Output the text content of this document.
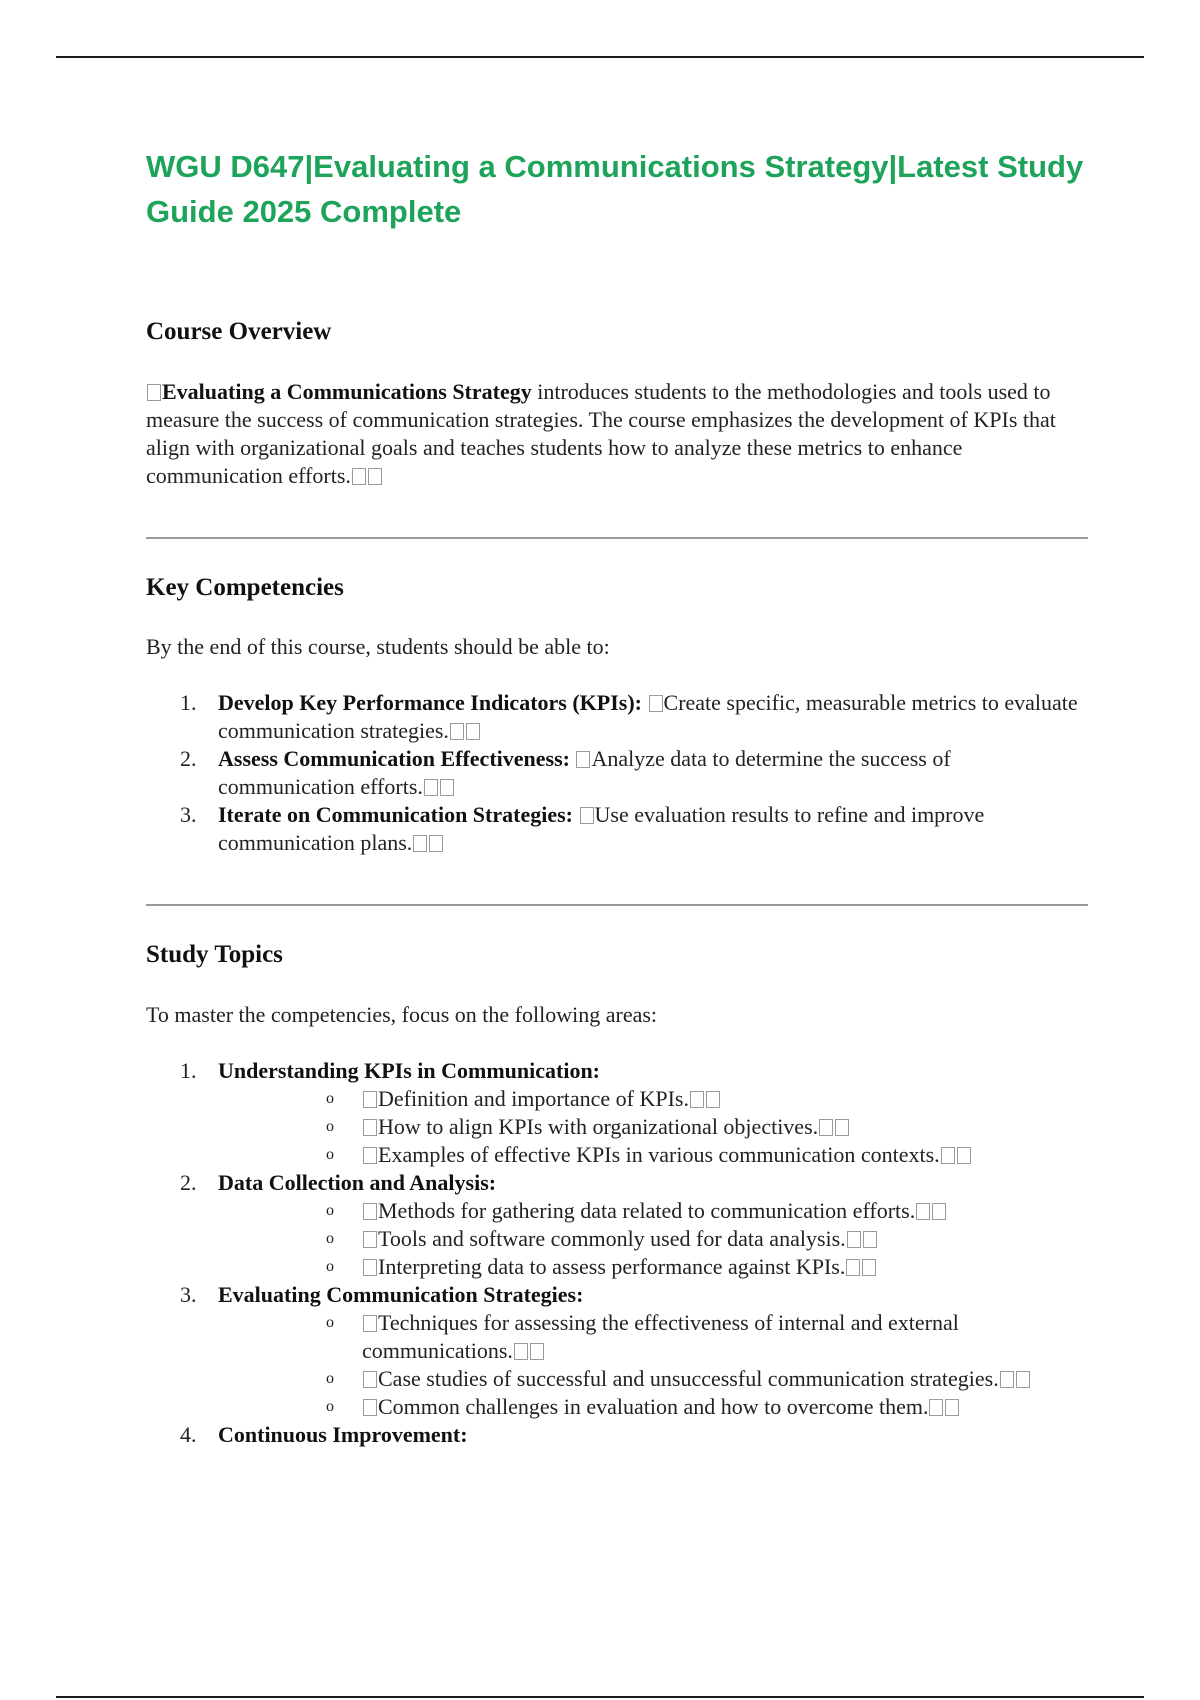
WGU D647|Evaluating a Communications Strategy|Latest Study Guide 2025 Complete
Course Overview

Evaluating a Communications Strategy introduces students to the methodologies and tools used to measure the success of communication strategies. The course emphasizes the development of KPIs that align with organizational goals and teaches students how to analyze these metrics to enhance communication efforts.

Key Competencies

By the end of this course, students should be able to:

1. Develop Key Performance Indicators (KPIs): Create specific, measurable metrics to evaluate communication strategies.
2. Assess Communication Effectiveness: Analyze data to determine the success of communication efforts.
3. Iterate on Communication Strategies: Use evaluation results to refine and improve communication plans.
Study Topics

To master the competencies, focus on the following areas:

1. Understanding KPIs in Communication:
o Definition and importance of KPIs.
o How to align KPIs with organizational objectives.
o Examples of effective KPIs in various communication contexts.
2. Data Collection and Analysis:
o Methods for gathering data related to communication efforts.
o Tools and software commonly used for data analysis.
o Interpreting data to assess performance against KPIs.
3. Evaluating Communication Strategies:
o Techniques for assessing the effectiveness of internal and external communications.
o Case studies of successful and unsuccessful communication strategies.
o Common challenges in evaluation and how to overcome them.
4. Continuous Improvement:
